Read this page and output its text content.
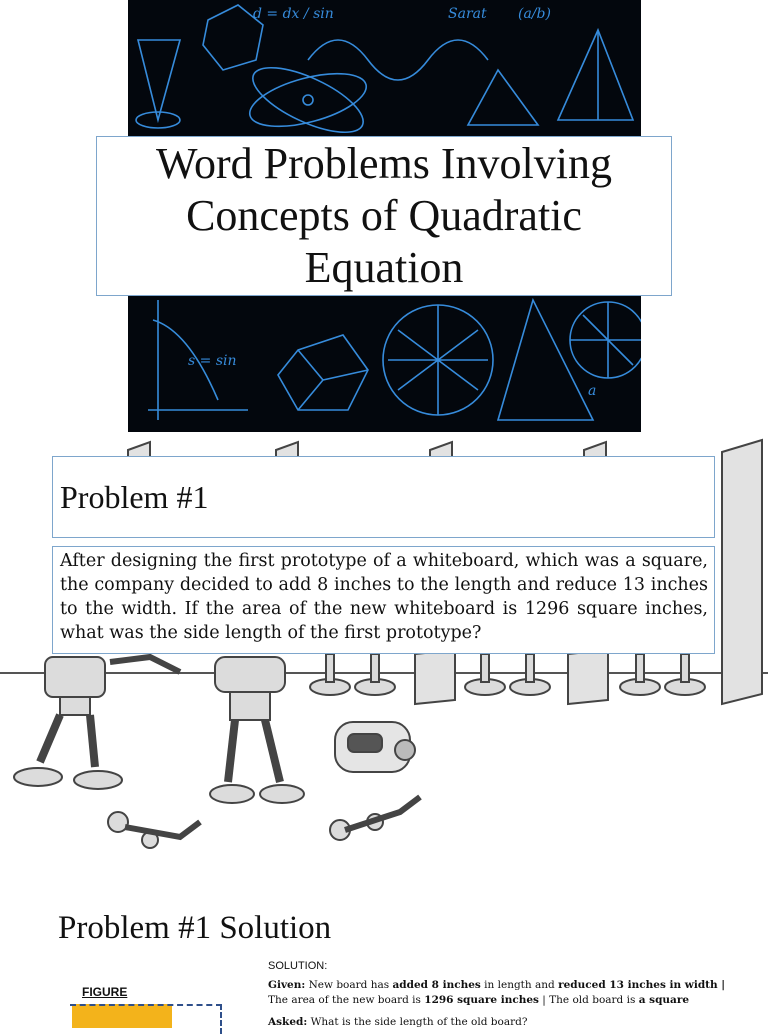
d = dx / sin	Sarat (a/b)
s = sin
a
Word Problems Involving Concepts of Quadratic Equation
Problem #1

After designing the first prototype of a whiteboard, which was a square, the company decided to add 8 inches to the length and reduce 13 inches to the width. If the area of the new whiteboard is 1296 square inches, what was the side length of the first prototype?

Problem #1 Solution
SOLUTION:
FIGURE	Given: New board has added 8 inches in length and reduced 13 inches in width |
The area of the new board is 1296 square inches | The old board is a square
Asked: What is the side length of the old board?
